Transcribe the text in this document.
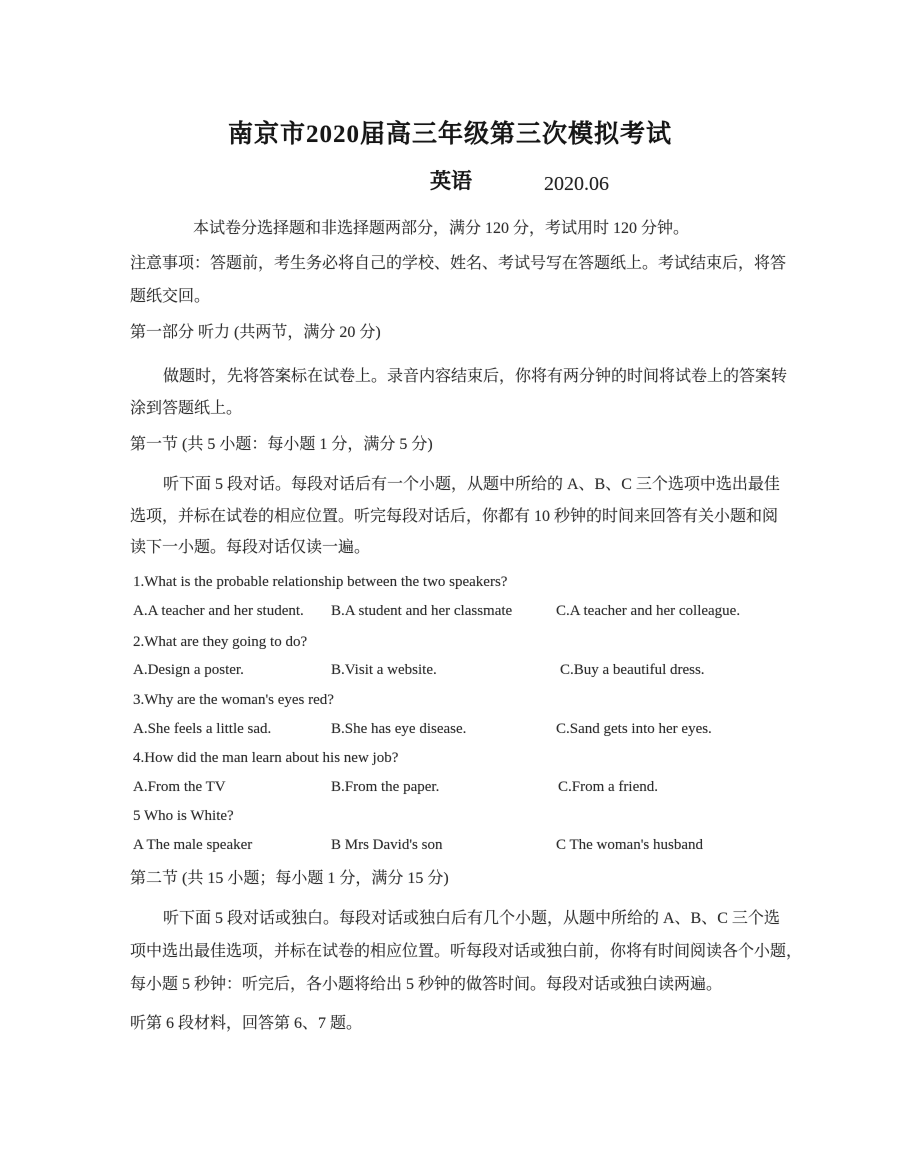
南京市2020届高三年级第三次模拟考试
英语	2020.06
本试卷分选择题和非选择题两部分，满分 120 分，考试用时 120 分钟。
注意事项：答题前，考生务必将自己的学校、姓名、考试号写在答题纸上。考试结束后，将答
题纸交回。
第一部分 听力 (共两节，满分 20 分)
做题时，先将答案标在试卷上。录音内容结束后，你将有两分钟的时间将试卷上的答案转
涂到答题纸上。
第一节 (共 5 小题：每小题 1 分，满分 5 分)
听下面 5 段对话。每段对话后有一个小题，从题中所给的 A、B、C 三个选项中选出最佳
选项，并标在试卷的相应位置。听完每段对话后，你都有 10 秒钟的时间来回答有关小题和阅
读下一小题。每段对话仅读一遍。
1.What is the probable relationship between the two speakers?
A.A teacher and her student. B.A student and her classmate	C.A teacher and her colleague.
2.What are they going to do?
A.Design a poster.	B.Visit a website.	C.Buy a beautiful dress.
3.Why are the woman's eyes red?
A.She feels a little sad.	B.She has eye disease.	C.Sand gets into her eyes.
4.How did the man learn about his new job?
A.From the TV	B.From the paper.	C.From a friend.
5 Who is White?
A The male speaker	B Mrs David's son	C The woman's husband
第二节 (共 15 小题；每小题 1 分，满分 15 分)
听下面 5 段对话或独白。每段对话或独白后有几个小题，从题中所给的 A、B、C 三个选
项中选出最佳选项，并标在试卷的相应位置。听每段对话或独白前，你将有时间阅读各个小题，
每小题 5 秒钟：听完后，各小题将给出 5 秒钟的做答时间。每段对话或独白读两遍。
听第 6 段材料，回答第 6、7 题。
